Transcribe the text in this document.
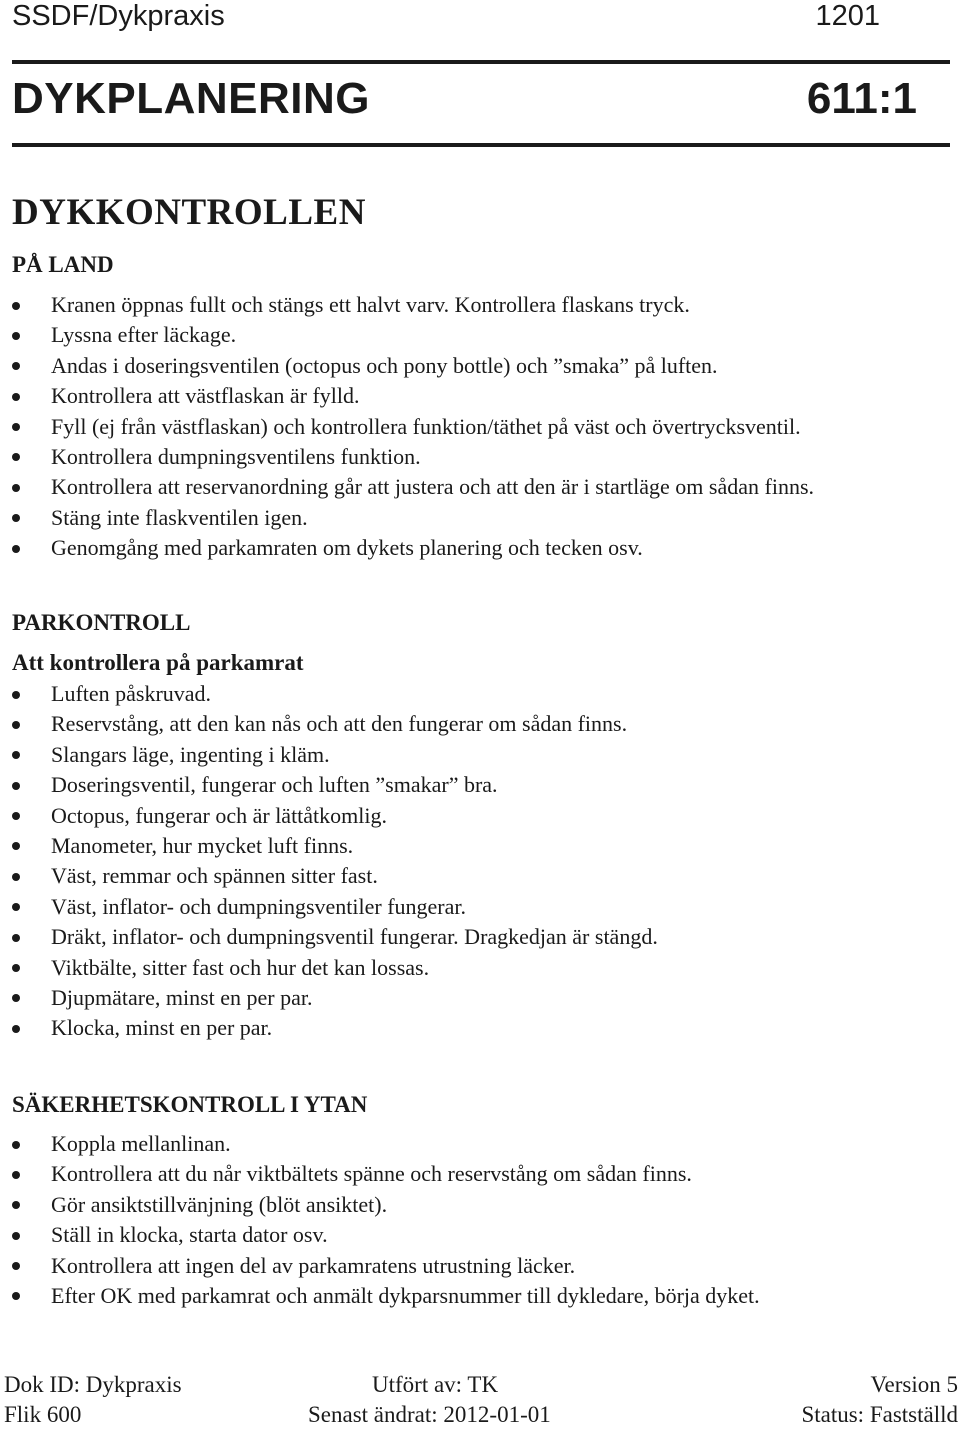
SSDF/Dykpraxis	1201
DYKPLANERING	611:1
DYKKONTROLLEN
PÅ LAND
Kranen öppnas fullt och stängs ett halvt varv. Kontrollera flaskans tryck.
Lyssna efter läckage.
Andas i doseringsventilen (octopus och pony bottle) och ”smaka” på luften.
Kontrollera att västflaskan är fylld.
Fyll (ej från västflaskan) och kontrollera funktion/täthet på väst och övertrycksventil.
Kontrollera dumpningsventilens funktion.
Kontrollera att reservanordning går att justera och att den är i startläge om sådan finns.
Stäng inte flaskventilen igen.
Genomgång med parkamraten om dykets planering och tecken osv.
PARKONTROLL
Att kontrollera på parkamrat
Luften påskruvad.
Reservstång, att den kan nås och att den fungerar om sådan finns.
Slangars läge, ingenting i kläm.
Doseringsventil, fungerar och luften ”smakar” bra.
Octopus, fungerar och är lättåtkomlig.
Manometer, hur mycket luft finns.
Väst, remmar och spännen sitter fast.
Väst, inflator- och dumpningsventiler fungerar.
Dräkt, inflator- och dumpningsventil fungerar. Dragkedjan är stängd.
Viktbälte, sitter fast och hur det kan lossas.
Djupmätare, minst en per par.
Klocka, minst en per par.
SÄKERHETSKONTROLL I YTAN
Koppla mellanlinan.
Kontrollera att du når viktbältets spänne och reservstång om sådan finns.
Gör ansiktstillvänjning (blöt ansiktet).
Ställ in klocka, starta dator osv.
Kontrollera att ingen del av parkamratens utrustning läcker.
Efter OK med parkamrat och anmält dykparsnummer till dykledare, börja dyket.
Dok ID: Dykpraxis	Utfört av: TK	Version 5
Flik 600	Senast ändrat: 2012-01-01	Status: Fastställd
